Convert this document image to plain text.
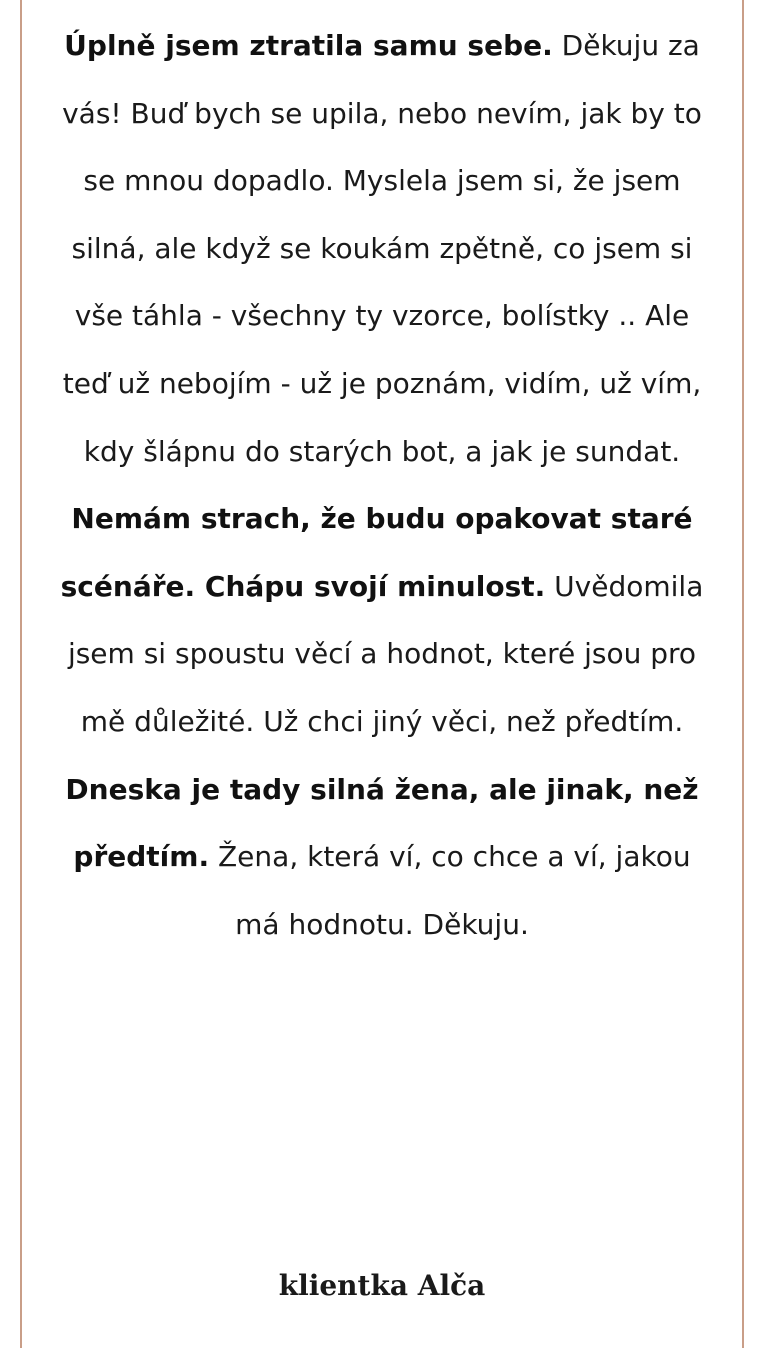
Úplně jsem ztratila samu sebe. Děkuju za vás! Buď bych se upila, nebo nevím, jak by to se mnou dopadlo. Myslela jsem si, že jsem silná, ale když se koukám zpětně, co jsem si vše táhla - všechny ty vzorce, bolístky .. Ale teď už nebojím - už je poznám, vidím, už vím, kdy šlápnu do starých bot, a jak je sundat. Nemám strach, že budu opakovat staré scénáře. Chápu svojí minulost. Uvědomila jsem si spoustu věcí a hodnot, které jsou pro mě důležité. Už chci jiný věci, než předtím. Dneska je tady silná žena, ale jinak, než předtím. Žena, která ví, co chce a ví, jakou má hodnotu. Děkuju.

klientka Alča
